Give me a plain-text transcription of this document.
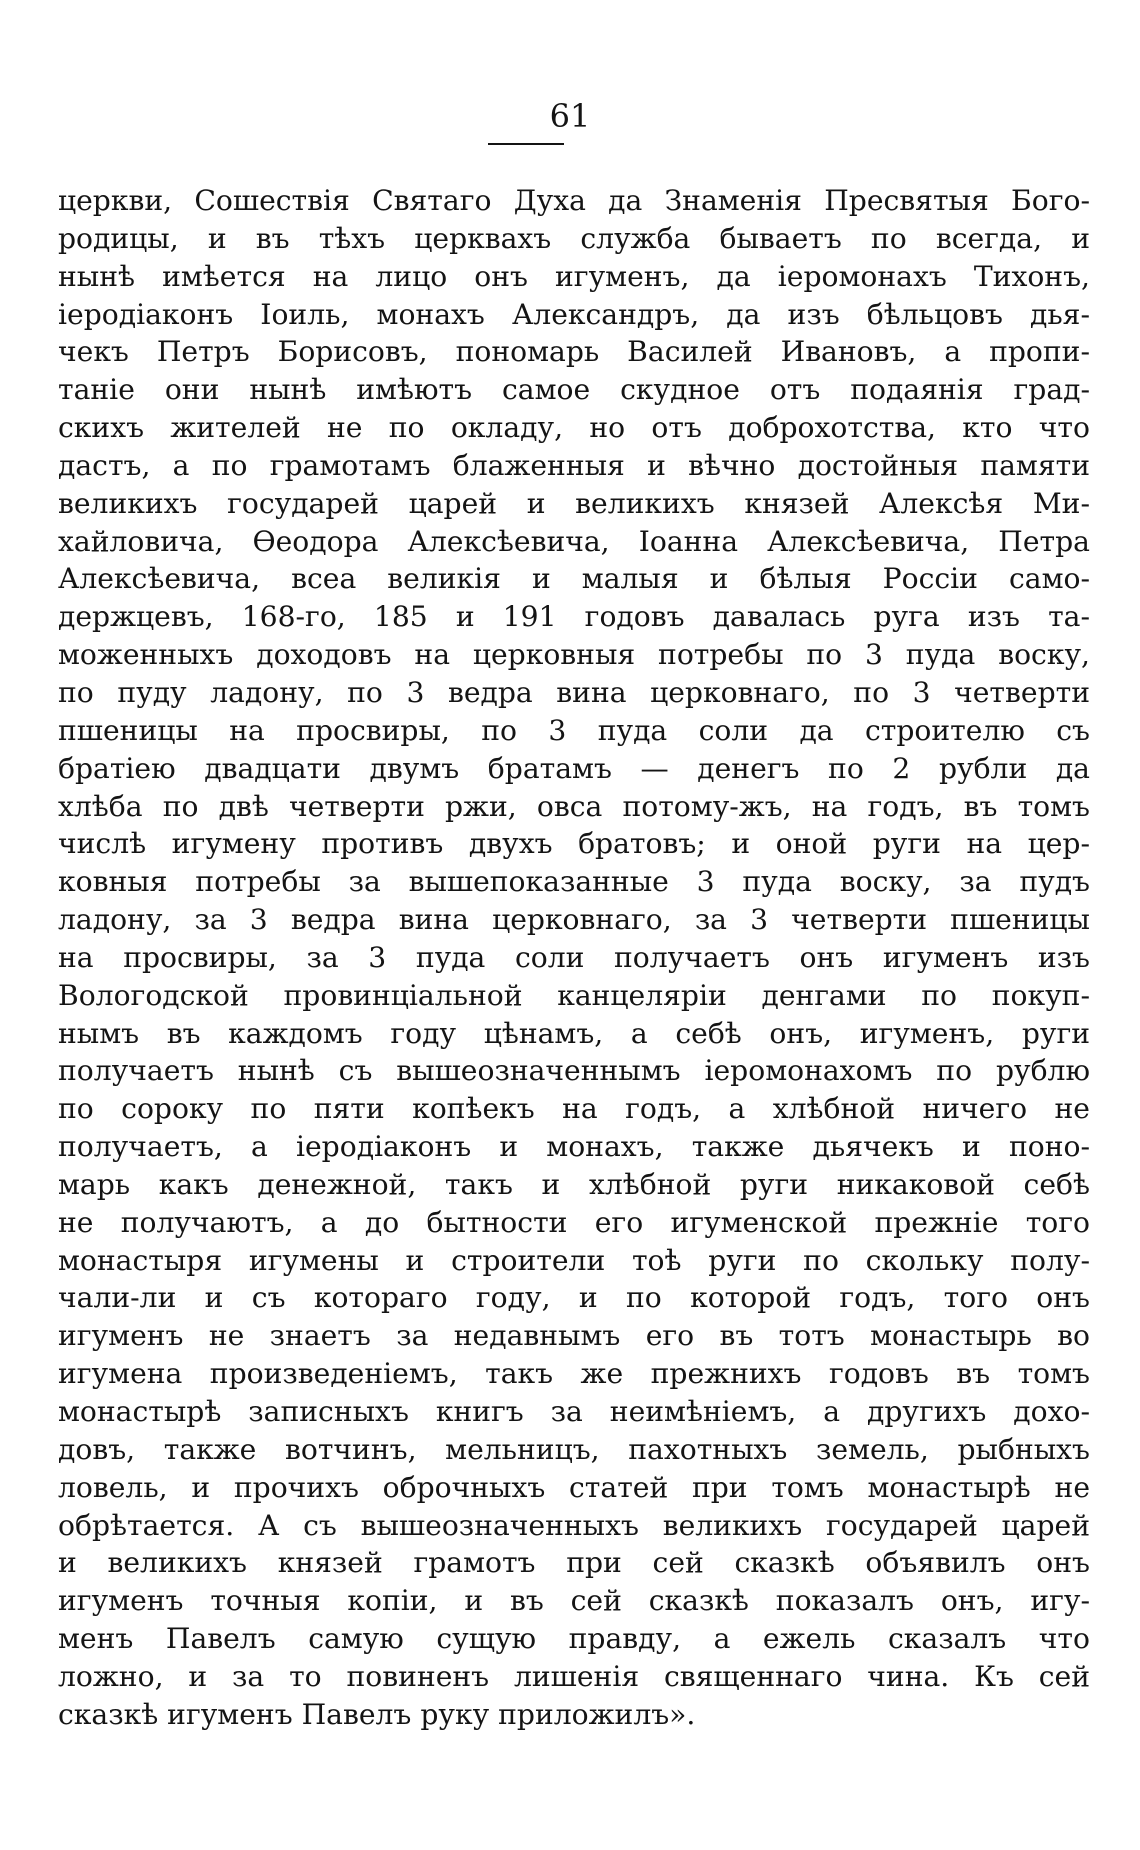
61
церкви, Сошествія Святаго Духа да Знаменія Пресвятыя Бого-
родицы, и въ тѣхъ церквахъ служба бываетъ по всегда, и
нынѣ имѣется на лицо онъ игуменъ, да іеромонахъ Тихонъ,
іеродіаконъ Іоиль, монахъ Александръ, да изъ бѣльцовъ дья-
чекъ Петръ Борисовъ, пономарь Василей Ивановъ, а пропи-
таніе они нынѣ имѣютъ самое скудное отъ подаянія град-
скихъ жителей не по окладу, но отъ доброхотства, кто что
дастъ, а по грамотамъ блаженныя и вѣчно достойныя памяти
великихъ государей царей и великихъ князей Алексѣя Ми-
хайловича, Ѳеодора Алексѣевича, Іоанна Алексѣевича, Петра
Алексѣевича, всеа великія и малыя и бѣлыя Россіи само-
держцевъ, 168-го, 185 и 191 годовъ давалась руга изъ та-
моженныхъ доходовъ на церковныя потребы по 3 пуда воску,
по пуду ладону, по 3 ведра вина церковнаго, по 3 четверти
пшеницы на просвиры, по 3 пуда соли да строителю съ
братіею двадцати двумъ братамъ — денегъ по 2 рубли да
хлѣба по двѣ четверти ржи, овса потому-жъ, на годъ, въ томъ
числѣ игумену противъ двухъ братовъ; и оной руги на цер-
ковныя потребы за вышепоказанные 3 пуда воску, за пудъ
ладону, за 3 ведра вина церковнаго, за 3 четверти пшеницы
на просвиры, за 3 пуда соли получаетъ онъ игуменъ изъ
Вологодской провинціальной канцеляріи денгами по покуп-
нымъ въ каждомъ году цѣнамъ, а себѣ онъ, игуменъ, руги
получаетъ нынѣ съ вышеозначеннымъ іеромонахомъ по рублю
по сороку по пяти копѣекъ на годъ, а хлѣбной ничего не
получаетъ, а іеродіаконъ и монахъ, также дьячекъ и поно-
марь какъ денежной, такъ и хлѣбной руги никаковой себѣ
не получаютъ, а до бытности его игуменской прежніе того
монастыря игумены и строители тоѣ руги по скольку полу-
чали-ли и съ котораго году, и по которой годъ, того онъ
игуменъ не знаетъ за недавнымъ его въ тотъ монастырь во
игумена произведеніемъ, такъ же прежнихъ годовъ въ томъ
монастырѣ записныхъ книгъ за неимѣніемъ, а другихъ дохо-
довъ, также вотчинъ, мельницъ, пахотныхъ земель, рыбныхъ
ловель, и прочихъ оброчныхъ статей при томъ монастырѣ не
обрѣтается. А съ вышеозначенныхъ великихъ государей царей
и великихъ князей грамотъ при сей сказкѣ объявилъ онъ
игуменъ точныя копіи, и въ сей сказкѣ показалъ онъ, игу-
менъ Павелъ самую сущую правду, а ежель сказалъ что
ложно, и за то повиненъ лишенія священнаго чина. Къ сей
сказкѣ игуменъ Павелъ руку приложилъ».
